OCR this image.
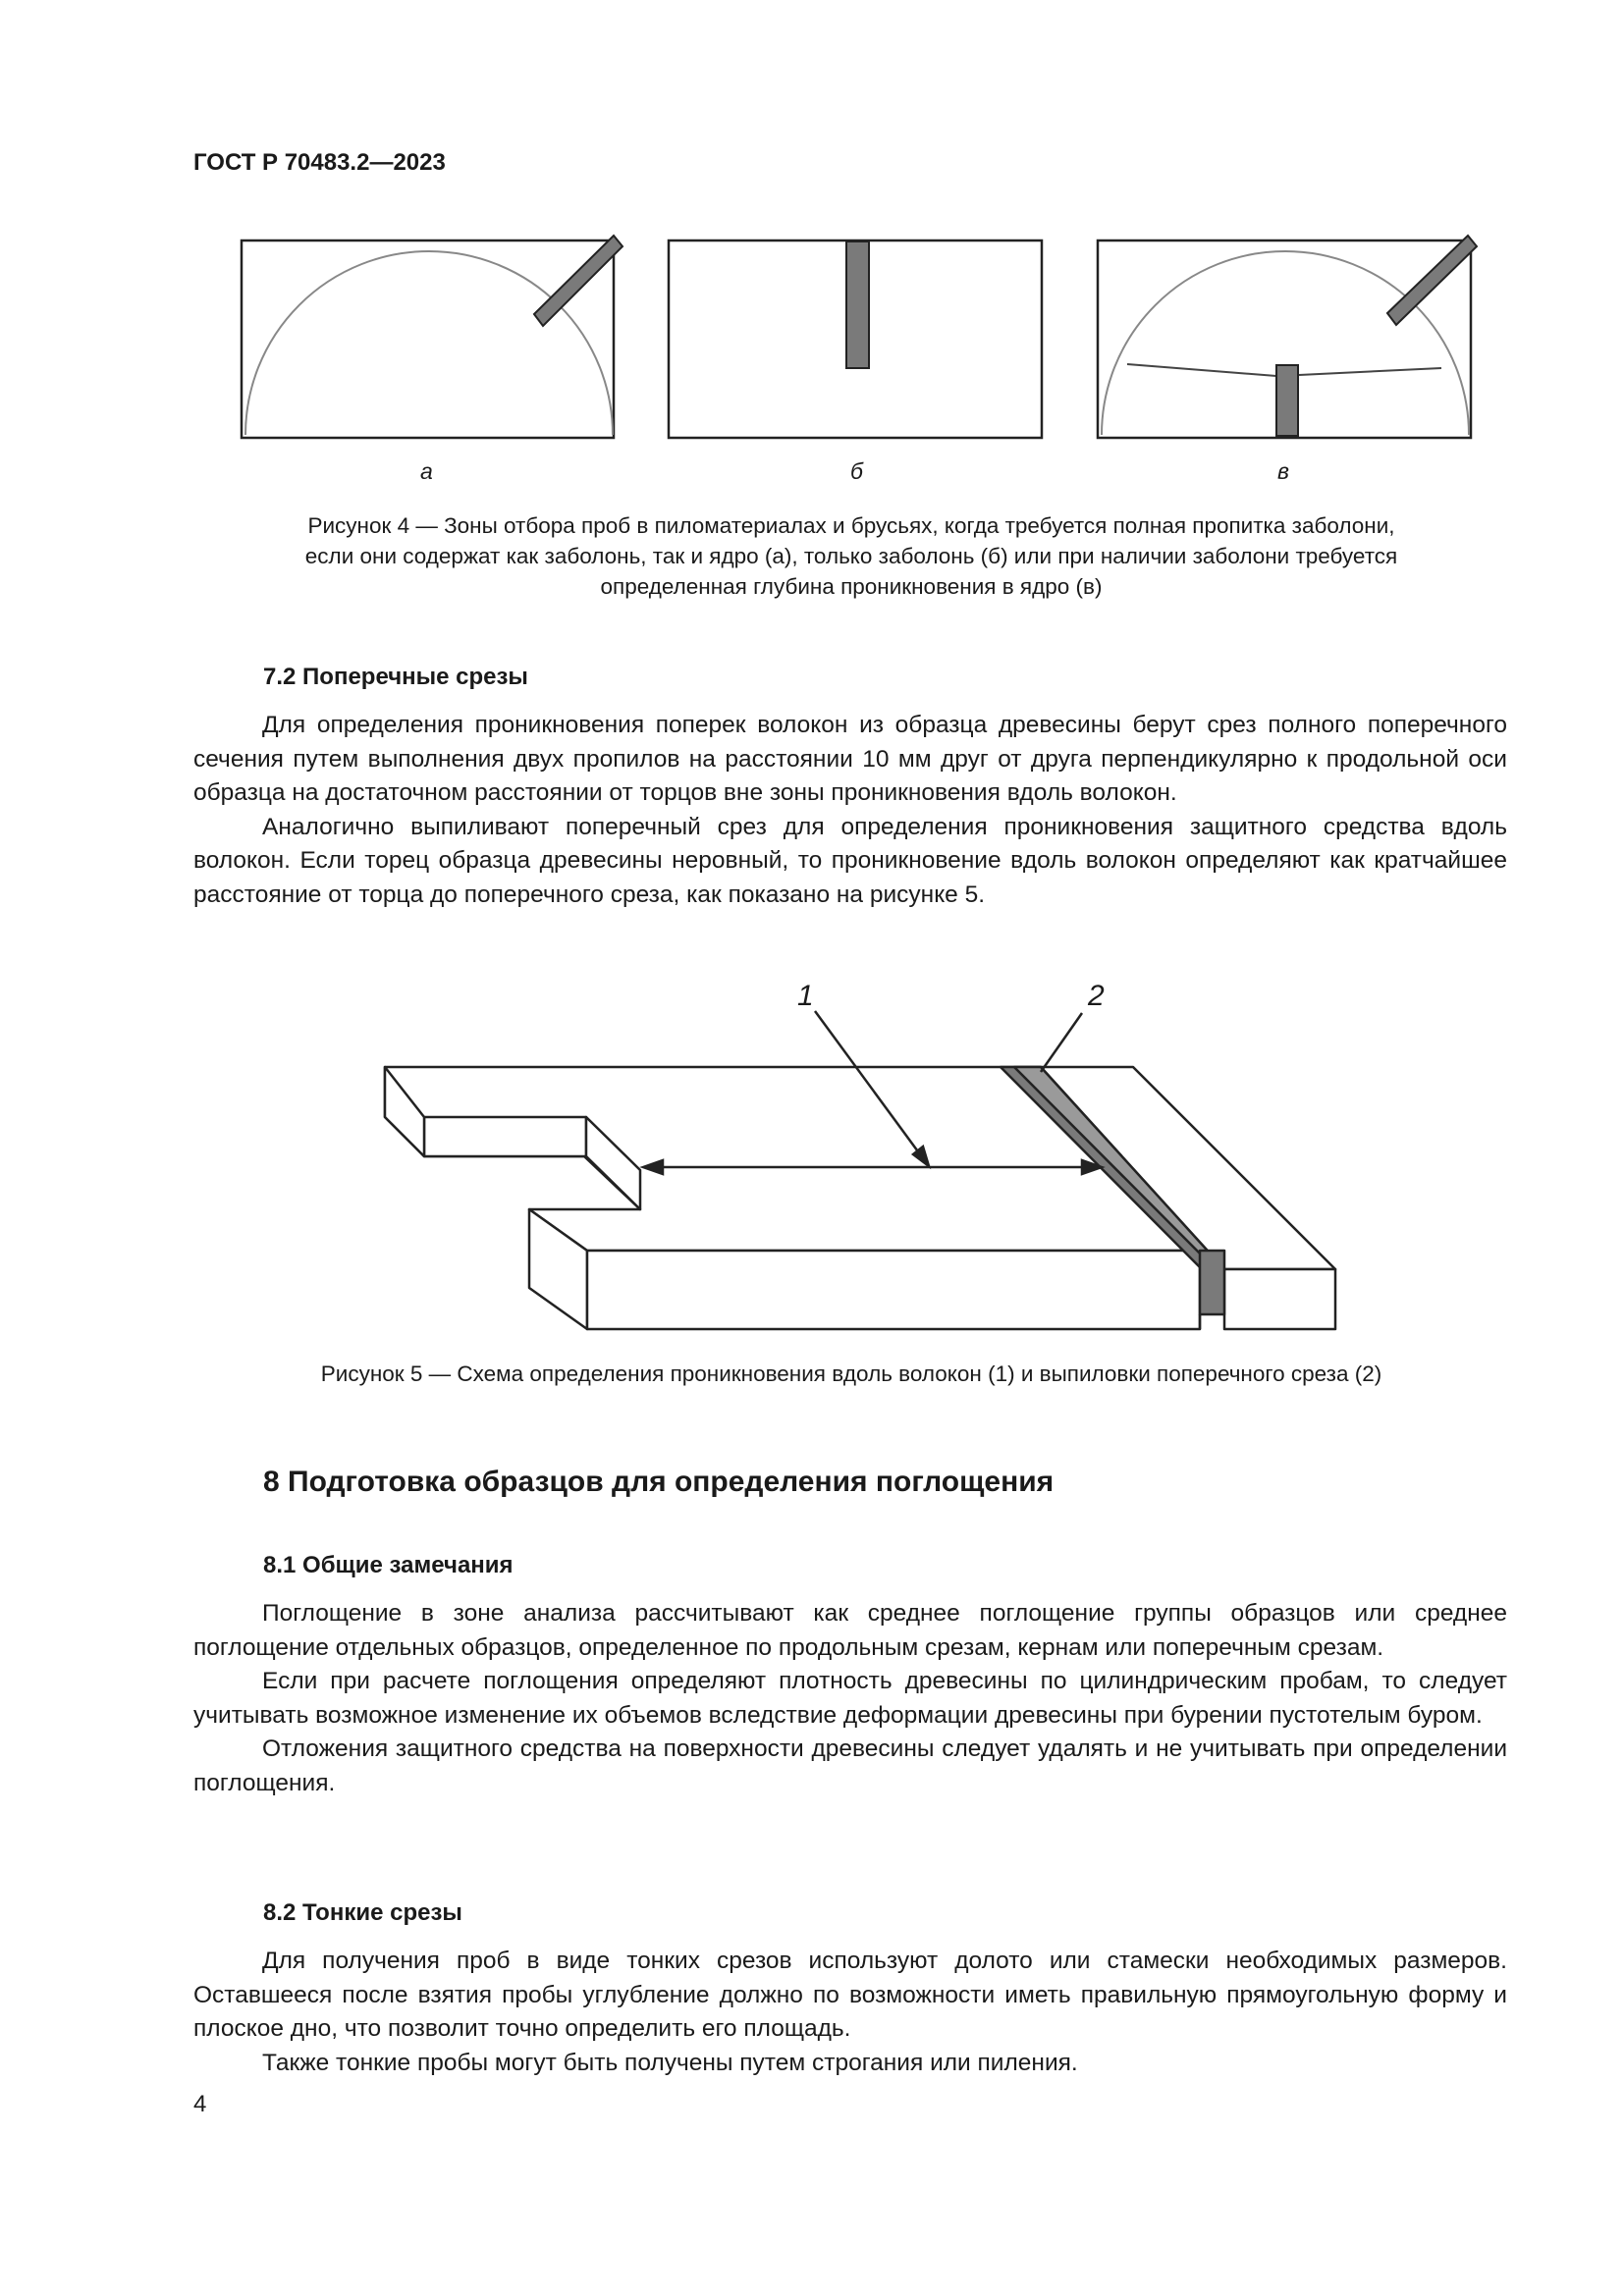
ГОСТ Р 70483.2—2023
а	б	в
Рисунок 4 — Зоны отбора проб в пиломатериалах и брусьях, когда требуется полная пропитка заболони,
если они содержат как заболонь, так и ядро (а), только заболонь (б) или при наличии заболони требуется
определенная глубина проникновения в ядро (в)
7.2 Поперечные срезы

Для определения проникновения поперек волокон из образца древесины берут срез полного поперечного сечения путем выполнения двух пропилов на расстоянии 10 мм друг от друга перпендикулярно к продольной оси образца на достаточном расстоянии от торцов вне зоны проникновения вдоль волокон.

Аналогично выпиливают поперечный срез для определения проникновения защитного средства вдоль волокон. Если торец образца древесины неровный, то проникновение вдоль волокон определяют как кратчайшее расстояние от торца до поперечного среза, как показано на рисунке 5.

1	2
Рисунок 5 — Схема определения проникновения вдоль волокон (1) и выпиловки поперечного среза (2)
8 Подготовка образцов для определения поглощения
8.1 Общие замечания

Поглощение в зоне анализа рассчитывают как среднее поглощение группы образцов или среднее поглощение отдельных образцов, определенное по продольным срезам, кернам или поперечным срезам.

Если при расчете поглощения определяют плотность древесины по цилиндрическим пробам, то следует учитывать возможное изменение их объемов вследствие деформации древесины при бурении пустотелым буром.

Отложения защитного средства на поверхности древесины следует удалять и не учитывать при определении поглощения.

8.2 Тонкие срезы

Для получения проб в виде тонких срезов используют долото или стамески необходимых размеров. Оставшееся после взятия пробы углубление должно по возможности иметь правильную прямоугольную форму и плоское дно, что позволит точно определить его площадь.

Также тонкие пробы могут быть получены путем строгания или пиления.

4
